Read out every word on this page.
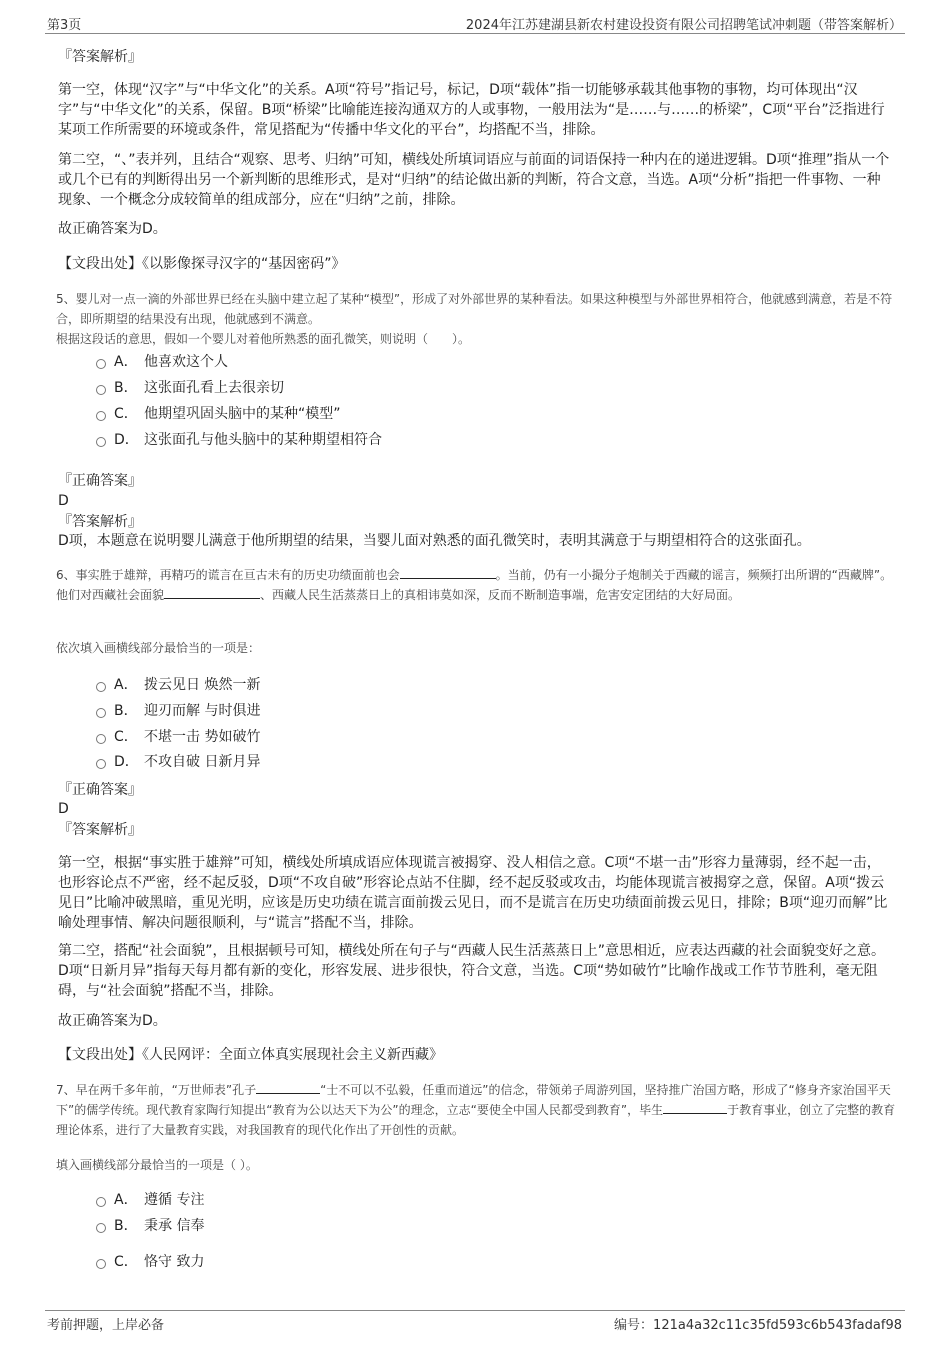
第3页	2024年江苏建湖县新农村建设投资有限公司招聘笔试冲刺题（带答案解析）
『答案解析』
第一空，体现“汉字”与“中华文化”的关系。A项“符号”指记号，标记，D项“载体”指一切能够承载其他事物的事物，均可体现出“汉字”与“中华文化”的关系，保留。B项“桥梁”比喻能连接沟通双方的人或事物，一般用法为“是……与……的桥梁”，C项“平台”泛指进行某项工作所需要的环境或条件，常见搭配为“传播中华文化的平台”，均搭配不当，排除。
第二空，“、”表并列，且结合“观察、思考、归纳”可知，横线处所填词语应与前面的词语保持一种内在的递进逻辑。D项“推理”指从一个或几个已有的判断得出另一个新判断的思维形式，是对“归纳”的结论做出新的判断，符合文意，当选。A项“分析”指把一件事物、一种现象、一个概念分成较简单的组成部分，应在“归纳”之前，排除。
故正确答案为D。
【文段出处】《以影像探寻汉字的“基因密码”》
5、婴儿对一点一滴的外部世界已经在头脑中建立起了某种“模型”，形成了对外部世界的某种看法。如果这种模型与外部世界相符合，他就感到满意，若是不符合，即所期望的结果没有出现，他就感到不满意。
根据这段话的意思，假如一个婴儿对着他所熟悉的面孔微笑，则说明（　　）。
A． 他喜欢这个人
B． 这张面孔看上去很亲切
C． 他期望巩固头脑中的某种“模型”
D． 这张面孔与他头脑中的某种期望相符合
『正确答案』
D
『答案解析』
D项，本题意在说明婴儿满意于他所期望的结果，当婴儿面对熟悉的面孔微笑时，表明其满意于与期望相符合的这张面孔。
6、事实胜于雄辩，再精巧的谎言在亘古未有的历史功绩面前也会	。当前，仍有一小撮分子炮制关于西藏的谣言，频频打出所谓的“西藏牌”。他们对西藏社会面貌	、西藏人民生活蒸蒸日上的真相讳莫如深，反而不断制造事端，危害安定团结的大好局面。
依次填入画横线部分最恰当的一项是：
A． 拨云见日 焕然一新
B． 迎刃而解 与时俱进
C． 不堪一击 势如破竹
D． 不攻自破 日新月异
『正确答案』
D
『答案解析』
第一空，根据“事实胜于雄辩”可知，横线处所填成语应体现谎言被揭穿、没人相信之意。C项“不堪一击”形容力量薄弱，经不起一击，也形容论点不严密，经不起反驳，D项“不攻自破”形容论点站不住脚，经不起反驳或攻击，均能体现谎言被揭穿之意，保留。A项“拨云见日”比喻冲破黑暗，重见光明，应该是历史功绩在谎言面前拨云见日，而不是谎言在历史功绩面前拨云见日，排除；B项“迎刃而解”比喻处理事情、解决问题很顺利，与“谎言”搭配不当，排除。
第二空，搭配“社会面貌”，且根据顿号可知，横线处所在句子与“西藏人民生活蒸蒸日上”意思相近，应表达西藏的社会面貌变好之意。D项“日新月异”指每天每月都有新的变化，形容发展、进步很快，符合文意，当选。C项“势如破竹”比喻作战或工作节节胜利，毫无阻碍，与“社会面貌”搭配不当，排除。
故正确答案为D。
【文段出处】《人民网评：全面立体真实展现社会主义新西藏》
7、早在两千多年前，“万世师表”孔子	“士不可以不弘毅，任重而道远”的信念，带领弟子周游列国，坚持推广治国方略，形成了“修身齐家治国平天下”的儒学传统。现代教育家陶行知提出“教育为公以达天下为公”的理念，立志“要使全中国人民都受到教育”，毕生	于教育事业，创立了完整的教育理论体系，进行了大量教育实践，对我国教育的现代化作出了开创性的贡献。
填入画横线部分最恰当的一项是（ ）。
A． 遵循 专注
B． 秉承 信奉
C． 恪守 致力
考前押题，上岸必备	编号：121a4a32c11c35fd593c6b543fadaf98
